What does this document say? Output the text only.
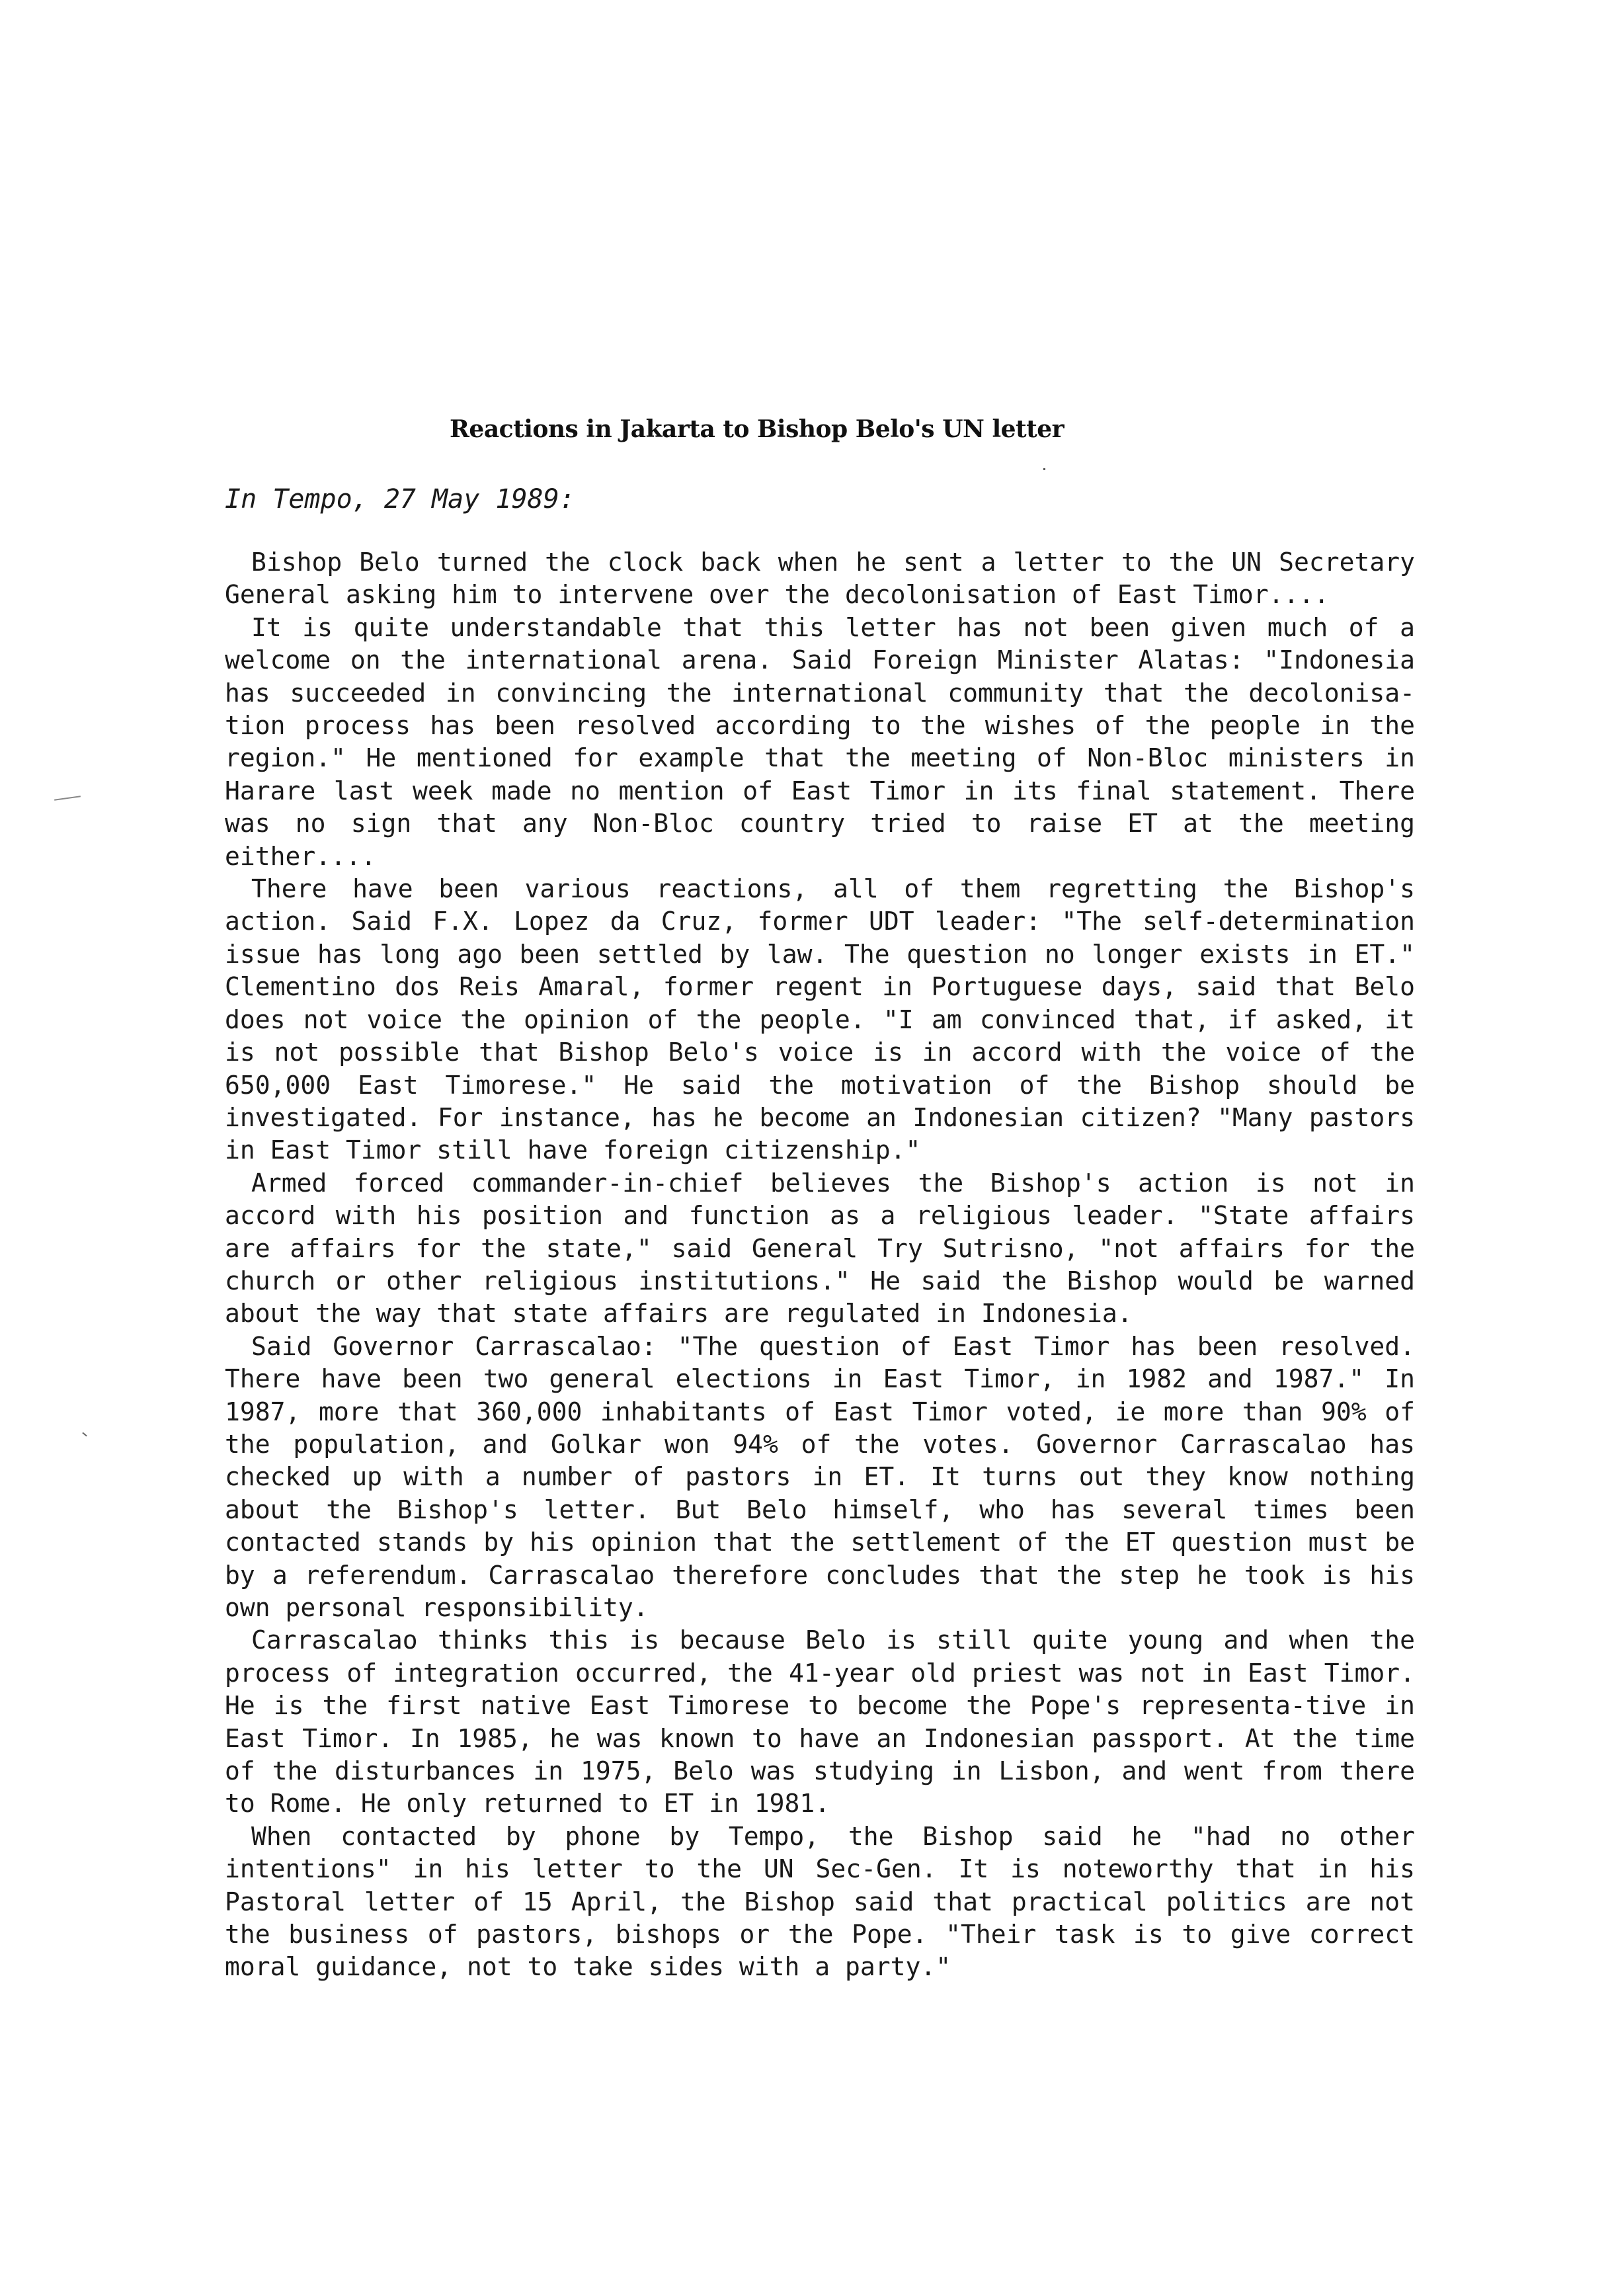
Reactions in Jakarta to Bishop Belo's UN letter
In Tempo, 27 May 1989:

Bishop Belo turned the clock back when he sent a letter to the UN Secretary General asking him to intervene over the decolonisation of East Timor....

It is quite understandable that this letter has not been given much of a welcome on the international arena. Said Foreign Minister Alatas: "Indonesia has succeeded in convincing the international community that the decolonisa-tion process has been resolved according to the wishes of the people in the region." He mentioned for example that the meeting of Non-Bloc ministers in Harare last week made no mention of East Timor in its final statement. There was no sign that any Non-Bloc country tried to raise ET at the meeting either....

There have been various reactions, all of them regretting the Bishop's action. Said F.X. Lopez da Cruz, former UDT leader: "The self-determination issue has long ago been settled by law. The question no longer exists in ET." Clementino dos Reis Amaral, former regent in Portuguese days, said that Belo does not voice the opinion of the people. "I am convinced that, if asked, it is not possible that Bishop Belo's voice is in accord with the voice of the 650,000 East Timorese." He said the motivation of the Bishop should be investigated. For instance, has he become an Indonesian citizen? "Many pastors in East Timor still have foreign citizenship."

Armed forced commander-in-chief believes the Bishop's action is not in accord with his position and function as a religious leader. "State affairs are affairs for the state," said General Try Sutrisno, "not affairs for the church or other religious institutions." He said the Bishop would be warned about the way that state affairs are regulated in Indonesia.

Said Governor Carrascalao: "The question of East Timor has been resolved. There have been two general elections in East Timor, in 1982 and 1987." In 1987, more that 360,000 inhabitants of East Timor voted, ie more than 90% of the population, and Golkar won 94% of the votes. Governor Carrascalao has checked up with a number of pastors in ET. It turns out they know nothing about the Bishop's letter. But Belo himself, who has several times been contacted stands by his opinion that the settlement of the ET question must be by a referendum. Carrascalao therefore concludes that the step he took is his own personal responsibility.

Carrascalao thinks this is because Belo is still quite young and when the process of integration occurred, the 41-year old priest was not in East Timor. He is the first native East Timorese to become the Pope's representa-tive in East Timor. In 1985, he was known to have an Indonesian passport. At the time of the disturbances in 1975, Belo was studying in Lisbon, and went from there to Rome. He only returned to ET in 1981.

When contacted by phone by Tempo, the Bishop said he "had no other intentions" in his letter to the UN Sec-Gen. It is noteworthy that in his Pastoral letter of 15 April, the Bishop said that practical politics are not the business of pastors, bishops or the Pope. "Their task is to give correct moral guidance, not to take sides with a party."
